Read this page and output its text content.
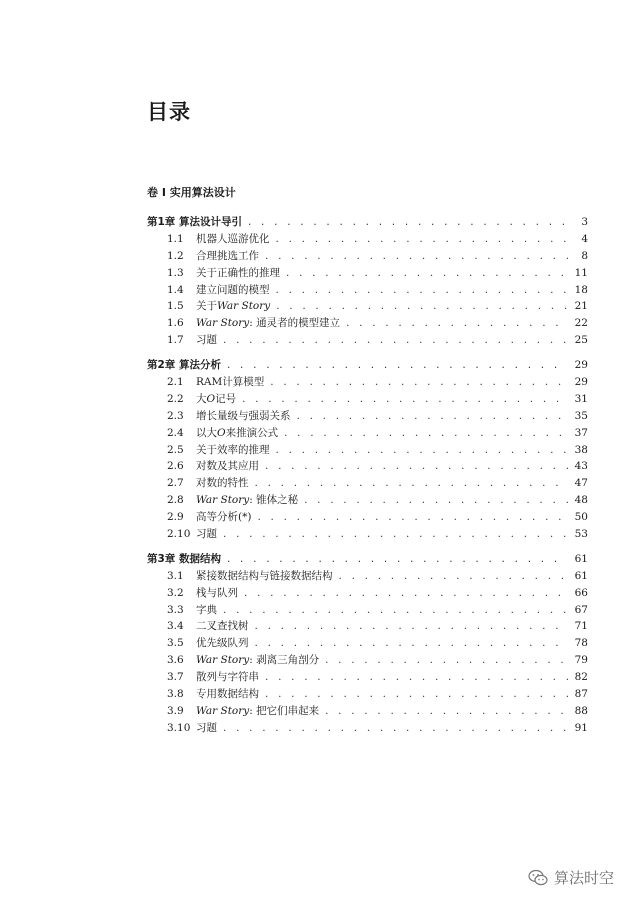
目录
卷 I 实用算法设计
第1章 算法设计导引 . . .	3
1.1	机器人巡游优化 . . .	4
1.2	合理挑选工作 . . .	8
1.3	关于正确性的推理 . . .	11
1.4	建立问题的模型 . . .	18
1.5	关于War Story . . .	21
1.6	War Story: 通灵者的模型建立 . . .	22
1.7	习题 . . .	25
第2章 算法分析 . . .	29
2.1	RAM计算模型 . . .	29
2.2	大O记号 . . .	31
2.3	增长量级与强弱关系 . . .	35
2.4	以大O来推演公式 . . .	37
2.5	关于效率的推理 . . .	38
2.6	对数及其应用 . . .	43
2.7	对数的特性 . . .	47
2.8	War Story: 锥体之秘 . . .	48
2.9	高等分析(*) . . .	50
2.10 习题 . . .	53
第3章 数据结构 . . .	61
3.1	紧接数据结构与链接数据结构 . . .	61
3.2	栈与队列 . . .	66
3.3	字典 . . .	67
3.4	二叉查找树 . . .	71
3.5	优先级队列 . . .	78
3.6	War Story: 剥离三角剖分 . . .	79
3.7	散列与字符串 . . .	82
3.8	专用数据结构 . . .	87
3.9	War Story: 把它们串起来 . . .	88
3.10 习题 . . .	91
算法时空
